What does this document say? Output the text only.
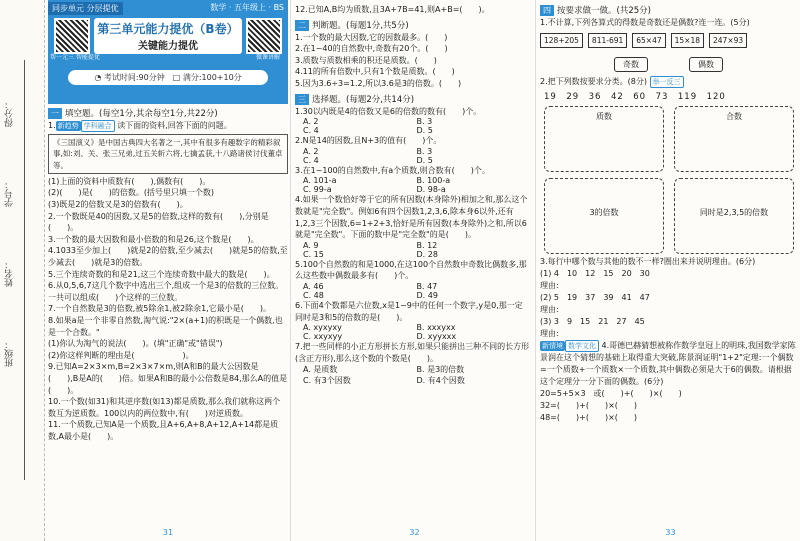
得分：
学号：
姓名：
班级：
同步单元 分层提优	数学 · 五年级上 · BS
帮一元三 智能提优	微课讲解
第三单元能力提优（B卷）
关键能力提优
◔ 考试时间:90分钟　□ 满分:100+10分
一 填空题。(每空1分,其余每空1分,共22分)

1. 新趋势 学科融合 读下面的资料,回答下面的问题。

《三国演义》是中国古典四大名著之一,其中有很多有趣数字的精彩叙事,如:刘、关、张三兄弟,过五关斩六将,七擒孟获,十八路诸侯讨伐董卓等。

(1)上面的资料中质数有(　　),偶数有(　　)。

(2)(　　)是(　　)的倍数。(括号里只填一个数)

(3)既是2的倍数又是3的倍数有(　　)。

2.一个数既是40的因数,又是5的倍数,这样的数有(　　),分别是(　　)。

3.一个数的最大因数和最小倍数的和是26,这个数是(　　)。

4.1033至少加上(　　)就是2的倍数,至少减去(　　)就是5的倍数,至少减去(　　)就是3的倍数。

5.三个连续奇数的和是21,这三个连续奇数中最大的数是(　　)。

6.从0,5,6,7这几个数字中选出三个,组成一个是3的倍数的三位数。一共可以组成(　　)个这样的三位数。

7.一个自然数是3的倍数,被5除余1,被2除余1,它最小是(　　)。

8.如果a是一个非零自然数,淘气说:"2×(a+1)的积既是一个偶数,也是一个合数。"

(1)你认为淘气的说法(　　)。(填"正确"或"错误")

(2)你这样判断的理由是(　　　　　　)。

9.已知A=2×3×m,B=2×3×7×m,则A和B的最大公因数是(　　),B是A的(　　)倍。如果A和B的最小公倍数是84,那么A的值是(　　)。

10.一个数(如31)和其逆序数(如13)都是质数,那么我们就称这两个数互为逆质数。100以内的两位数中,有(　　)对逆质数。

11.一个质数,已知A是一个质数,且A+6,A+8,A+12,A+14都是质数,A最小是(　　)。

31

12.已知A,B均为质数,且3A+7B=41,则A+B=(　　)。

二 判断题。(每题1分,共5分)

1.一个数的最大因数,它的因数最多。(　　)

2.在1~40的自然数中,奇数有20个。(　　)

3.质数与质数相乘的积还是质数。(　　)

4.11的所有倍数中,只有1个数是质数。(　　)

5.因为3.6÷3=1.2,所以3.6是3的倍数。(　　)

三 选择题。(每题2分,共14分)

1.30以内既是4的倍数又是6的倍数的数有(　　)个。

A. 2	B. 3
C. 4	D. 5

2.N是14的因数,且N+3的值有(　　)个。

A. 2	B. 3
C. 4	D. 5

3.在1~100的自然数中,有a个质数,则合数有(　　)个。

A. 101-a	B. 100-a
C. 99-a	D. 98-a

4.如果一个数恰好等于它的所有因数(本身除外)相加之和,那么这个数就是"完全数"。例如6有四个因数1,2,3,6,除本身6以外,还有1,2,3三个因数,6=1+2+3,恰好是所有因数(本身除外)之和,所以6就是"完全数"。下面的数中是"完全数"的是(　　)。

A. 9	B. 12
C. 15	D. 28

5.100个自然数的和是1000,在这100个自然数中奇数比偶数多,那么这些数中偶数最多有(　　)个。

A. 46	B. 47
C. 48	D. 49

6.下面4个数都是六位数,x是1~9中的任何一个数字,y是0,那一定同时是3和5的倍数的是(　　)。

A. xyxyxy	B. xxxyxx
C. xxyxyy	D. xyyxxx

7.把一些同样的小正方形拼长方形,如果只能拼出三种不同的长方形(含正方形),那么这个数的个数是(　　)。

A. 是质数	B. 是3的倍数
C. 有3个因数	D. 有4个因数
32
四 按要求做一做。(共25分)

1.不计算,下列各算式的得数是奇数还是偶数?连一连。(5分)

128+205	811-691	65×47	15×18	247×93
奇数	偶数

2.把下列数按要求分类。(8分) 举一反三

19　29　36　42　60　73　119　120
质数	合数
3的倍数	同时是2,3,5的倍数

3.每行中哪个数与其他的数不一样?圈出来并说明理由。(6分)

(1) 4　10　12　15　20　30
理由:
(2) 5　19　37　39　41　47
理由:
(3) 3　9　15　21　27　45
理由:

新情境 数学文化 4.哥德巴赫猜想被称作数学皇冠上的明珠,我国数学家陈景润在这个猜想的基础上取得重大突破,陈景润证明"1+2"定理:一个偶数=一个质数+一个质数×一个质数,其中偶数必须是大于6的偶数。请根据这个定理分一分下面的偶数。(6分)

20=5+5×3　或(　　)+(　　)×(　　)
32=(　　)+(　　)×(　　)
48=(　　)+(　　)×(　　)
33
